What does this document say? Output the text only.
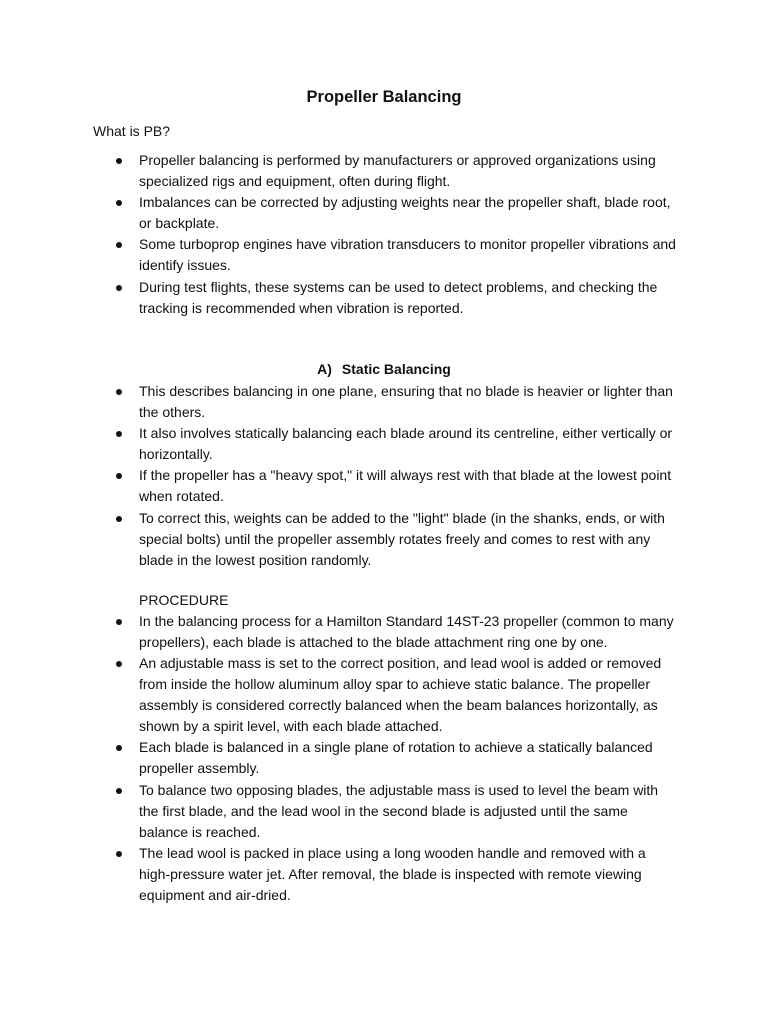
Propeller Balancing
What is PB?
Propeller balancing is performed by manufacturers or approved organizations using specialized rigs and equipment, often during flight.
Imbalances can be corrected by adjusting weights near the propeller shaft, blade root, or backplate.
Some turboprop engines have vibration transducers to monitor propeller vibrations and identify issues.
During test flights, these systems can be used to detect problems, and checking the tracking is recommended when vibration is reported.
A) Static Balancing
This describes balancing in one plane, ensuring that no blade is heavier or lighter than the others.
It also involves statically balancing each blade around its centreline, either vertically or horizontally.
If the propeller has a "heavy spot," it will always rest with that blade at the lowest point when rotated.
To correct this, weights can be added to the "light" blade (in the shanks, ends, or with special bolts) until the propeller assembly rotates freely and comes to rest with any blade in the lowest position randomly.
PROCEDURE
In the balancing process for a Hamilton Standard 14ST-23 propeller (common to many propellers), each blade is attached to the blade attachment ring one by one.
An adjustable mass is set to the correct position, and lead wool is added or removed from inside the hollow aluminum alloy spar to achieve static balance. The propeller assembly is considered correctly balanced when the beam balances horizontally, as shown by a spirit level, with each blade attached.
Each blade is balanced in a single plane of rotation to achieve a statically balanced propeller assembly.
To balance two opposing blades, the adjustable mass is used to level the beam with the first blade, and the lead wool in the second blade is adjusted until the same balance is reached.
The lead wool is packed in place using a long wooden handle and removed with a high-pressure water jet. After removal, the blade is inspected with remote viewing equipment and air-dried.
